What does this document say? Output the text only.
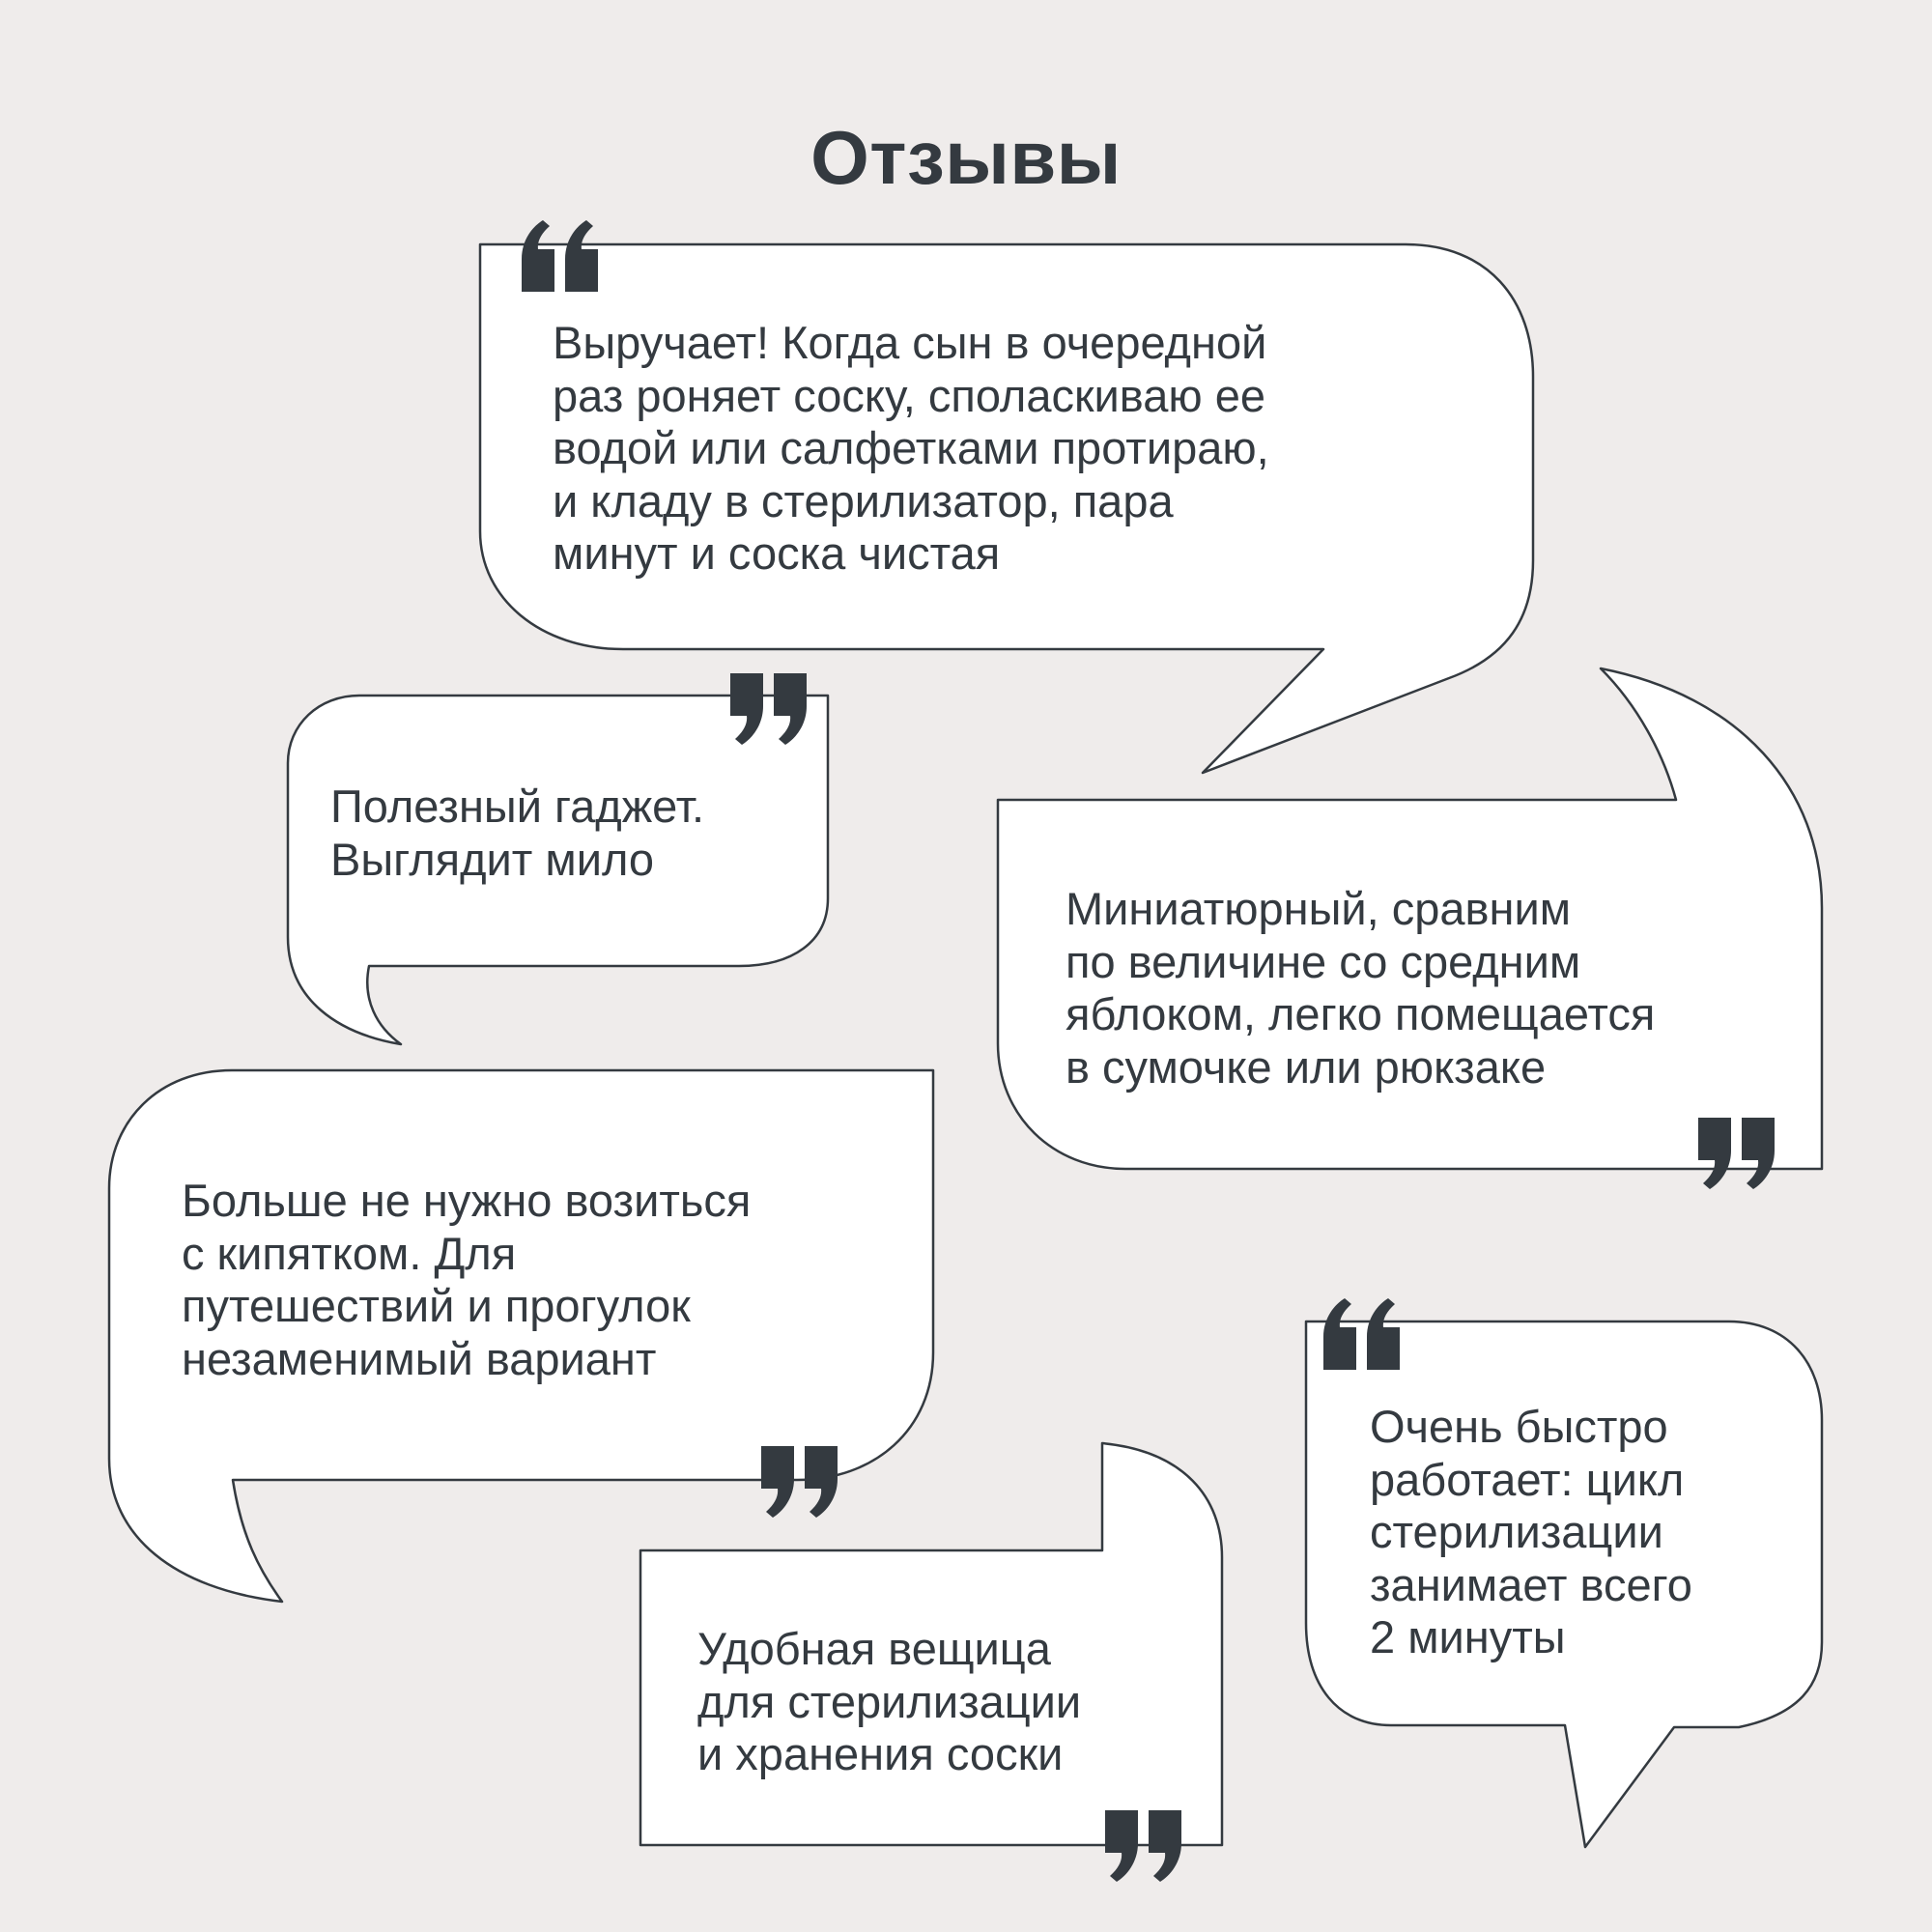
Отзывы
Выручает! Когда сын в очередной
раз роняет соску, споласкиваю ее
водой или салфетками протираю,
и кладу в стерилизатор, пара
минут и соска чистая
Полезный гаджет.
Выглядит мило
Миниатюрный, сравним
по величине со средним
яблоком, легко помещается
в сумочке или рюкзаке
Больше не нужно возиться
с кипятком. Для
путешествий и прогулок
незаменимый вариант
Удобная вещица
для стерилизации
и хранения соски
Очень быстро
работает: цикл
стерилизации
занимает всего
2 минуты
